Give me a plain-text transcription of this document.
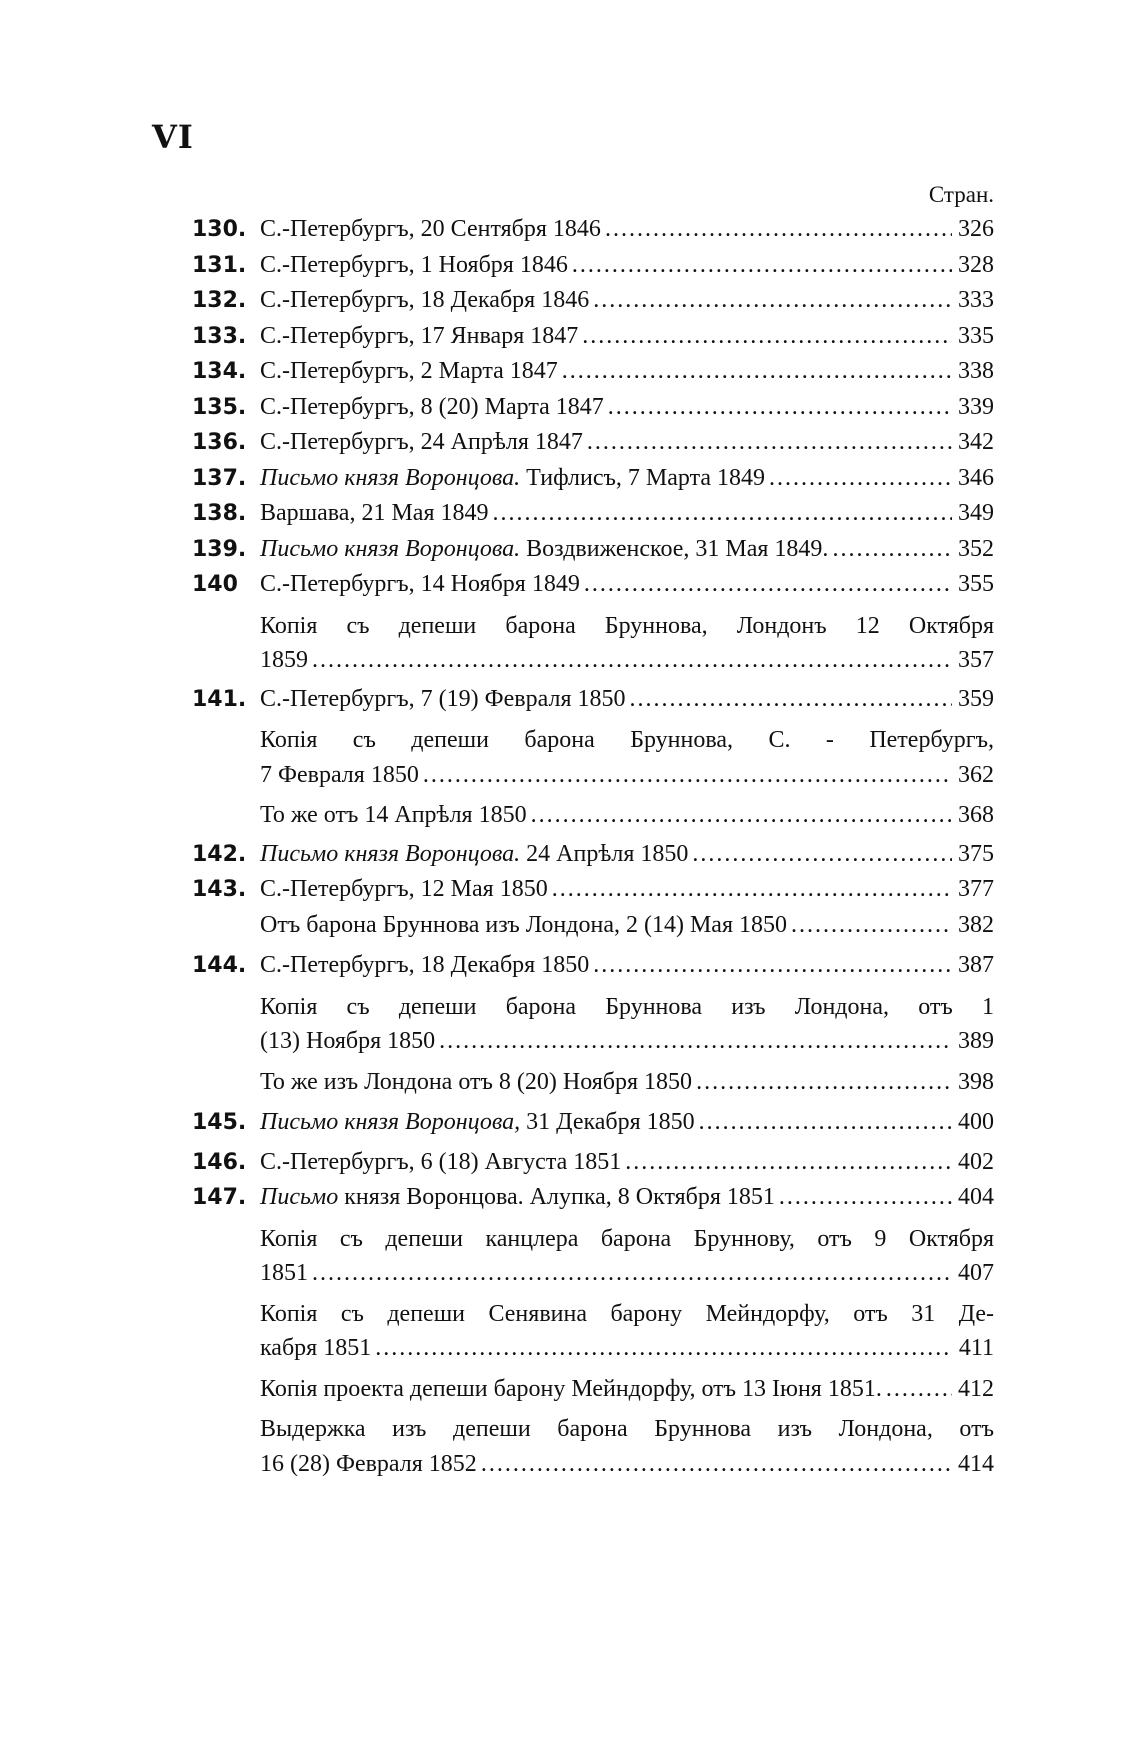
VI
Стран.
130. С.-Петербургъ, 20 Сентября 1846 .....	326
131. С.-Петербургъ, 1 Ноября 1846 .....	328
132. С.-Петербургъ, 18 Декабря 1846 .....	333
133. С.-Петербургъ, 17 Января 1847 .....	335
134. С.-Петербургъ, 2 Марта 1847 .....	338
135. С.-Петербургъ, 8 (20) Марта 1847 .....	339
136. С.-Петербургъ, 24 Апрѣля 1847 .....	342
137. Письмо князя Воронцова. Тифлисъ, 7 Марта 1849 .....	346
138. Варшава, 21 Мая 1849 .....	349
139. Письмо князя Воронцова. Воздвиженское, 31 Мая 1849. .....	352
140 С.-Петербургъ, 14 Ноября 1849 .....	355
Копія съ депеши барона Бруннова, Лондонъ 12 Октября
1859 .....	357
141. С.-Петербургъ, 7 (19) Февраля 1850 .....	359
Копія съ депеши барона Бруннова, С. - Петербургъ,
7 Февраля 1850 .....	362
То же отъ 14 Апрѣля 1850 .....	368
142. Письмо князя Воронцова. 24 Апрѣля 1850 .....	375
143. С.-Петербургъ, 12 Мая 1850 .....	377
Отъ барона Бруннова изъ Лондона, 2 (14) Мая 1850 .....	382
144. С.-Петербургъ, 18 Декабря 1850 .....	387
Копія съ депеши барона Бруннова изъ Лондона, отъ 1
(13) Ноября 1850 .....	389
То же изъ Лондона отъ 8 (20) Ноября 1850 .....	398
145. Письмо князя Воронцова, 31 Декабря 1850 .....	400
146. С.-Петербургъ, 6 (18) Августа 1851 .....	402
147. Письмо князя Воронцова. Алупка, 8 Октября 1851 .....	404
Копія съ депеши канцлера барона Бруннову, отъ 9 Октября
1851 .....	407
Копія съ депеши Сенявина барону Мейндорфу, отъ 31 Де-
кабря 1851 .....	411
Копія проекта депеши барону Мейндорфу, отъ 13 Іюня 1851. .....	412
Выдержка изъ депеши барона Бруннова изъ Лондона, отъ
16 (28) Февраля 1852 .....	414
